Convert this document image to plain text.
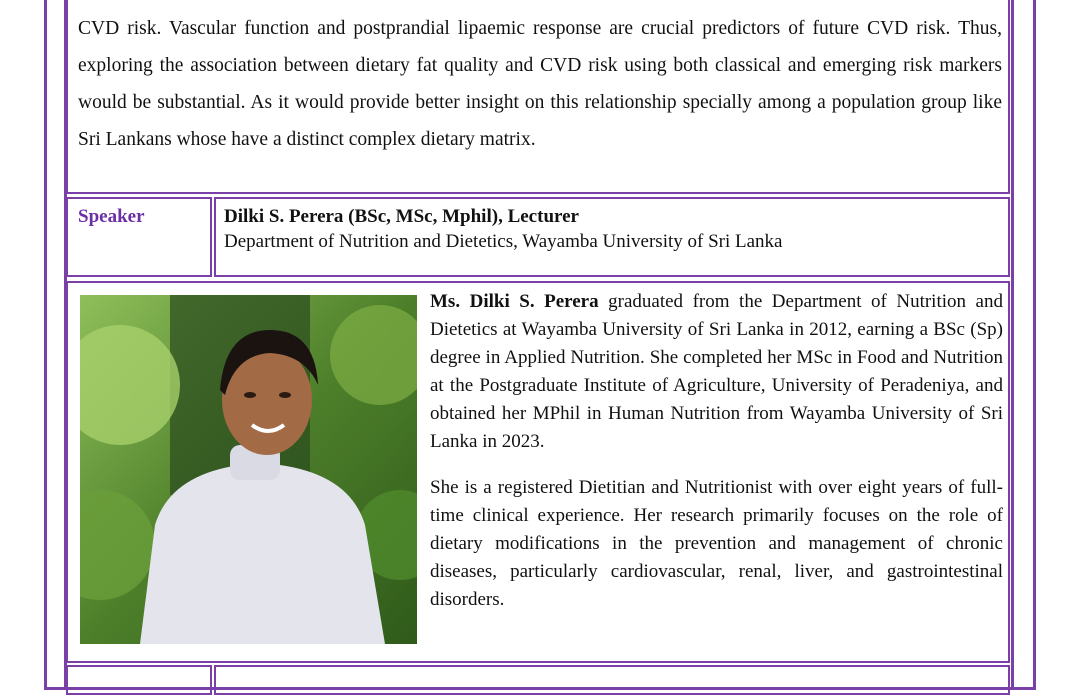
CVD risk. Vascular function and postprandial lipaemic response are crucial predictors of future CVD risk. Thus, exploring the association between dietary fat quality and CVD risk using both classical and emerging risk markers would be substantial. As it would provide better insight on this relationship specially among a population group like Sri Lankans whose have a distinct complex dietary matrix.

Speaker	Dilki S. Perera (BSc, MSc, Mphil), Lecturer
Department of Nutrition and Dietetics, Wayamba University of Sri Lanka

Ms. Dilki S. Perera graduated from the Department of Nutrition and Dietetics at Wayamba University of Sri Lanka in 2012, earning a BSc (Sp) degree in Applied Nutrition. She completed her MSc in Food and Nutrition at the Postgraduate Institute of Agriculture, University of Peradeniya, and obtained her MPhil in Human Nutrition from Wayamba University of Sri Lanka in 2023.

She is a registered Dietitian and Nutritionist with over eight years of full-time clinical experience. Her research primarily focuses on the role of dietary modifications in the prevention and management of chronic diseases, particularly cardiovascular, renal, liver, and gastrointestinal disorders.
